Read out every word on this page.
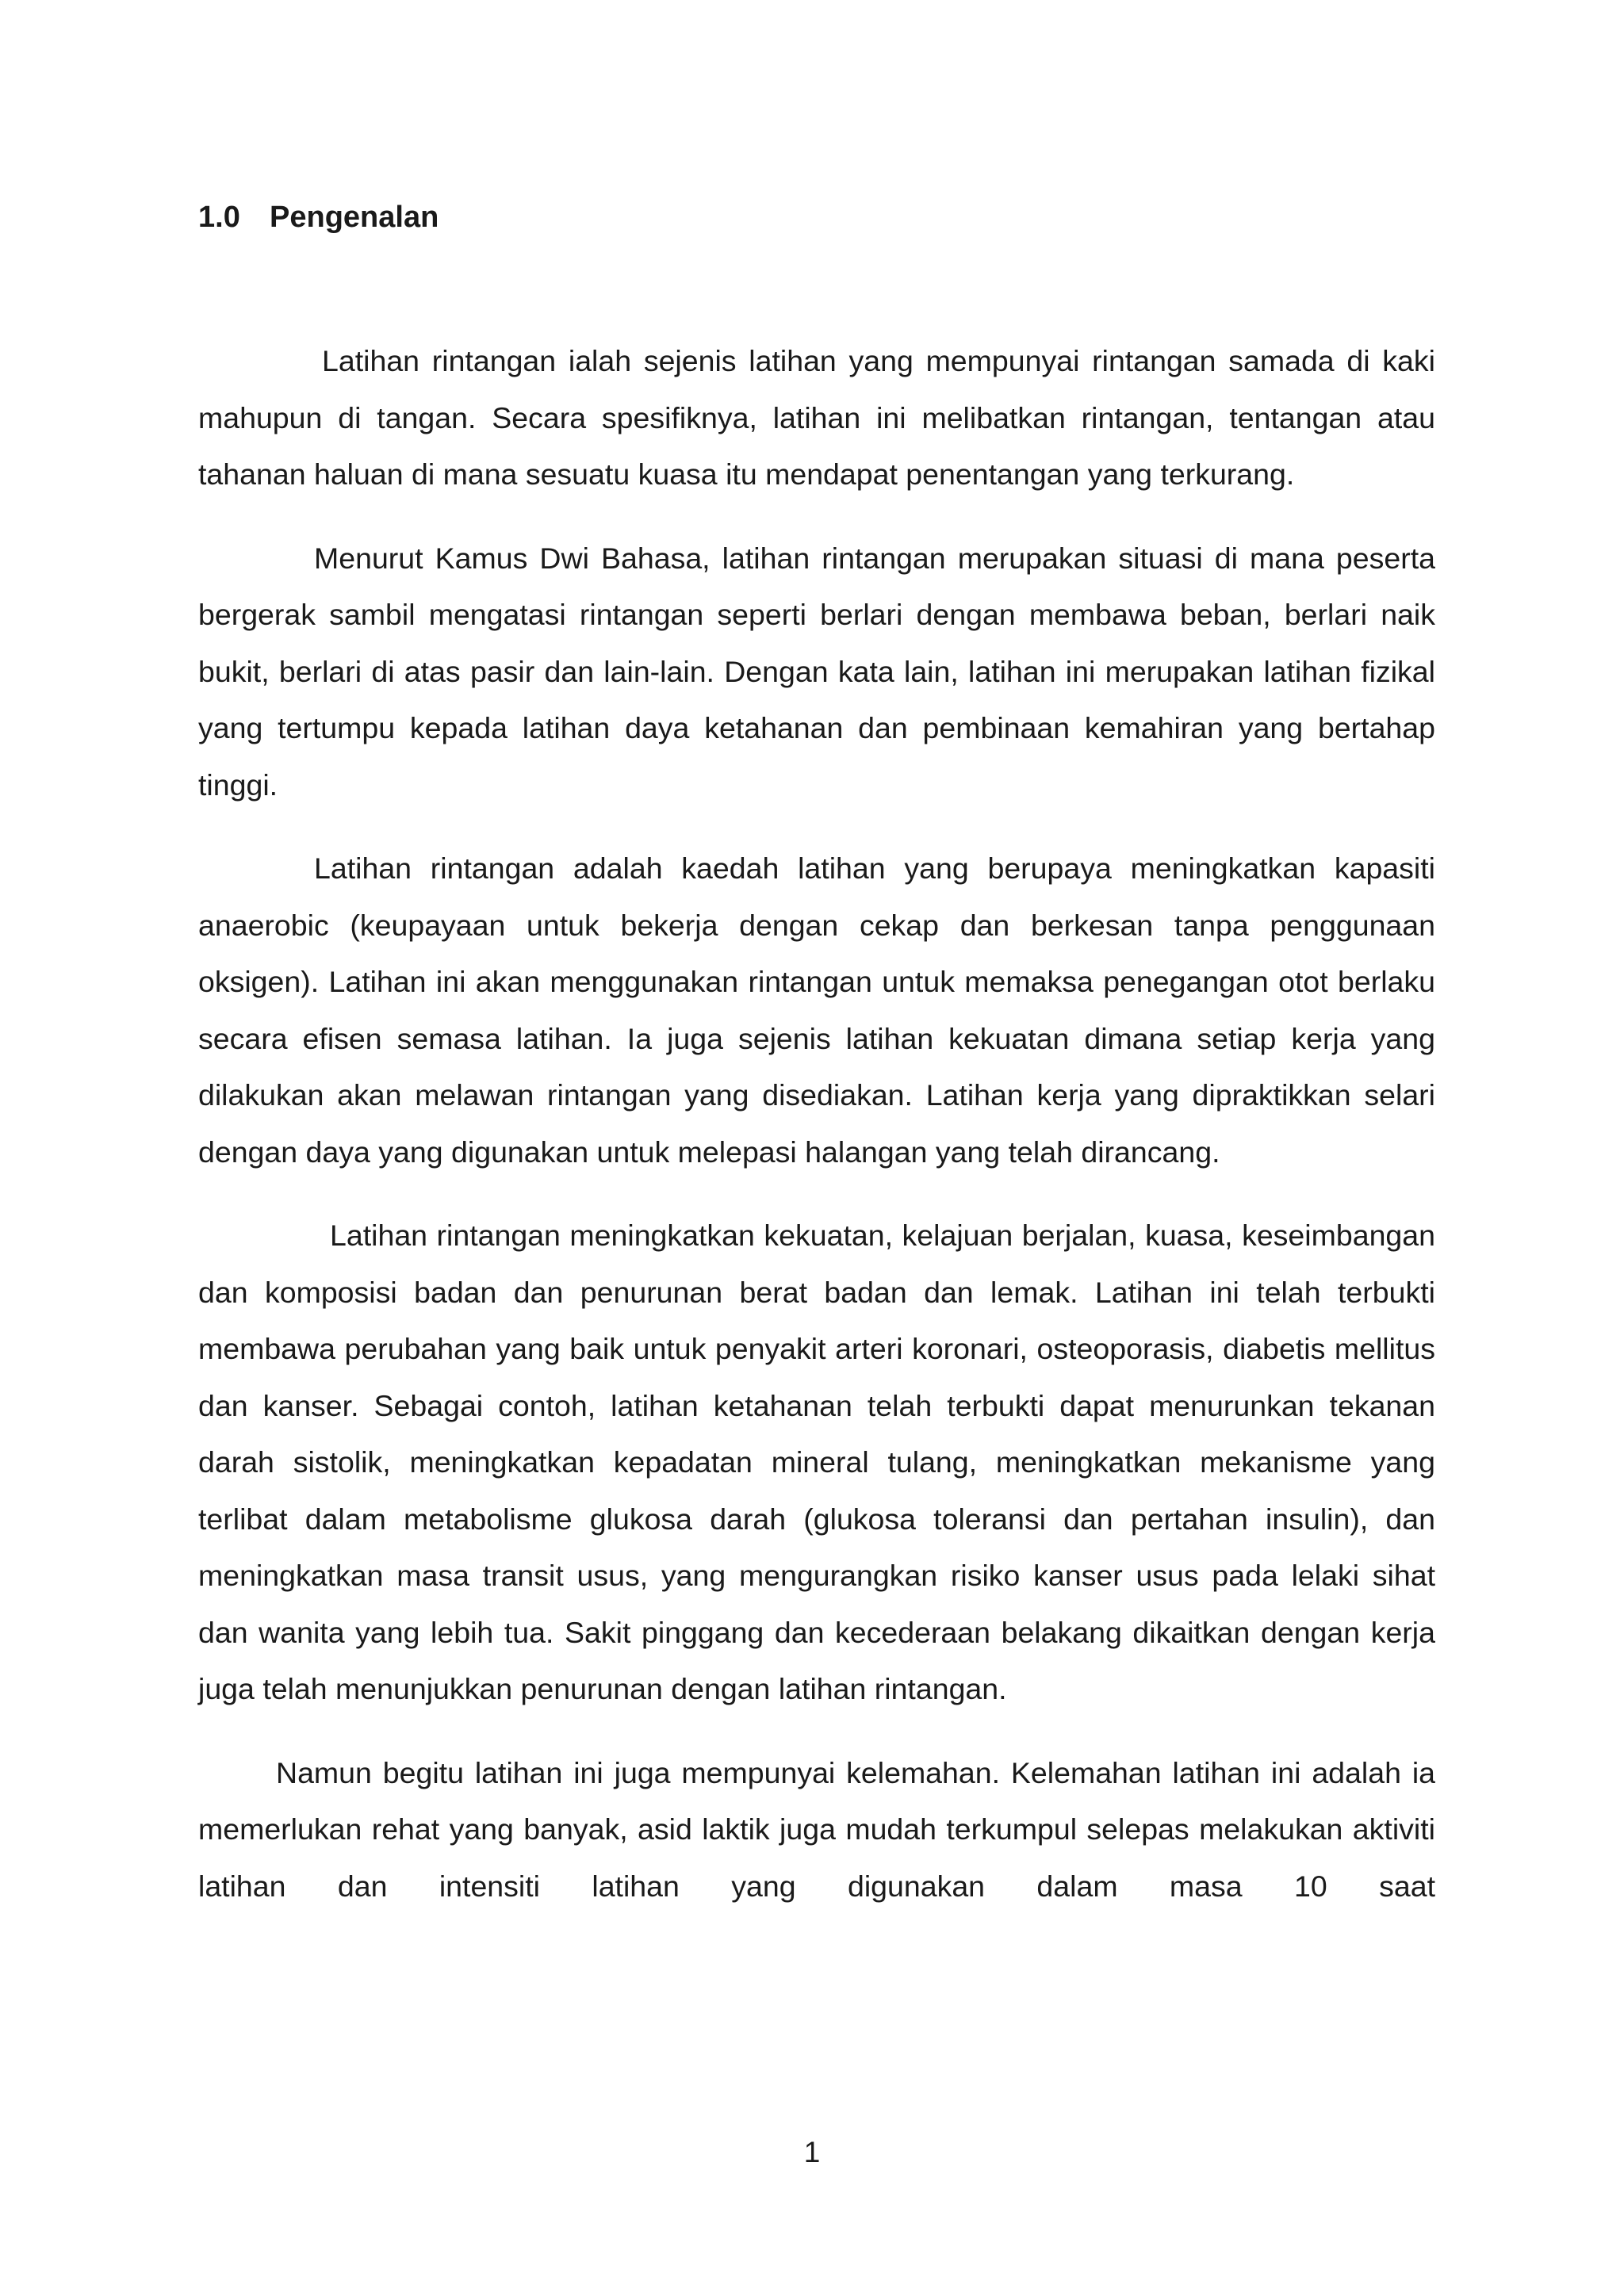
1.0 Pengenalan

Latihan rintangan ialah sejenis latihan yang mempunyai rintangan samada di kaki mahupun di tangan. Secara spesifiknya, latihan ini melibatkan rintangan, tentangan atau tahanan haluan di mana sesuatu kuasa itu mendapat penentangan yang terkurang.

Menurut Kamus Dwi Bahasa, latihan rintangan merupakan situasi di mana peserta bergerak sambil mengatasi rintangan seperti berlari dengan membawa beban, berlari naik bukit, berlari di atas pasir dan lain-lain. Dengan kata lain, latihan ini merupakan latihan fizikal yang tertumpu kepada latihan daya ketahanan dan pembinaan kemahiran yang bertahap tinggi.

Latihan rintangan adalah kaedah latihan yang berupaya meningkatkan kapasiti anaerobic (keupayaan untuk bekerja dengan cekap dan berkesan tanpa penggunaan oksigen). Latihan ini akan menggunakan rintangan untuk memaksa penegangan otot berlaku secara efisen semasa latihan. Ia juga sejenis latihan kekuatan dimana setiap kerja yang dilakukan akan melawan rintangan yang disediakan. Latihan kerja yang dipraktikkan selari dengan daya yang digunakan untuk melepasi halangan yang telah dirancang.

Latihan rintangan meningkatkan kekuatan, kelajuan berjalan, kuasa, keseimbangan dan komposisi badan dan penurunan berat badan dan lemak. Latihan ini telah terbukti membawa perubahan yang baik untuk penyakit arteri koronari, osteoporasis, diabetis mellitus dan kanser. Sebagai contoh, latihan ketahanan telah terbukti dapat menurunkan tekanan darah sistolik, meningkatkan kepadatan mineral tulang, meningkatkan mekanisme yang terlibat dalam metabolisme glukosa darah (glukosa toleransi dan pertahan insulin), dan meningkatkan masa transit usus, yang mengurangkan risiko kanser usus pada lelaki sihat dan wanita yang lebih tua. Sakit pinggang dan kecederaan belakang dikaitkan dengan kerja juga telah menunjukkan penurunan dengan latihan rintangan.

Namun begitu latihan ini juga mempunyai kelemahan. Kelemahan latihan ini adalah ia memerlukan rehat yang banyak, asid laktik juga mudah terkumpul selepas melakukan aktiviti latihan dan intensiti latihan yang digunakan dalam masa 10 saat

1
